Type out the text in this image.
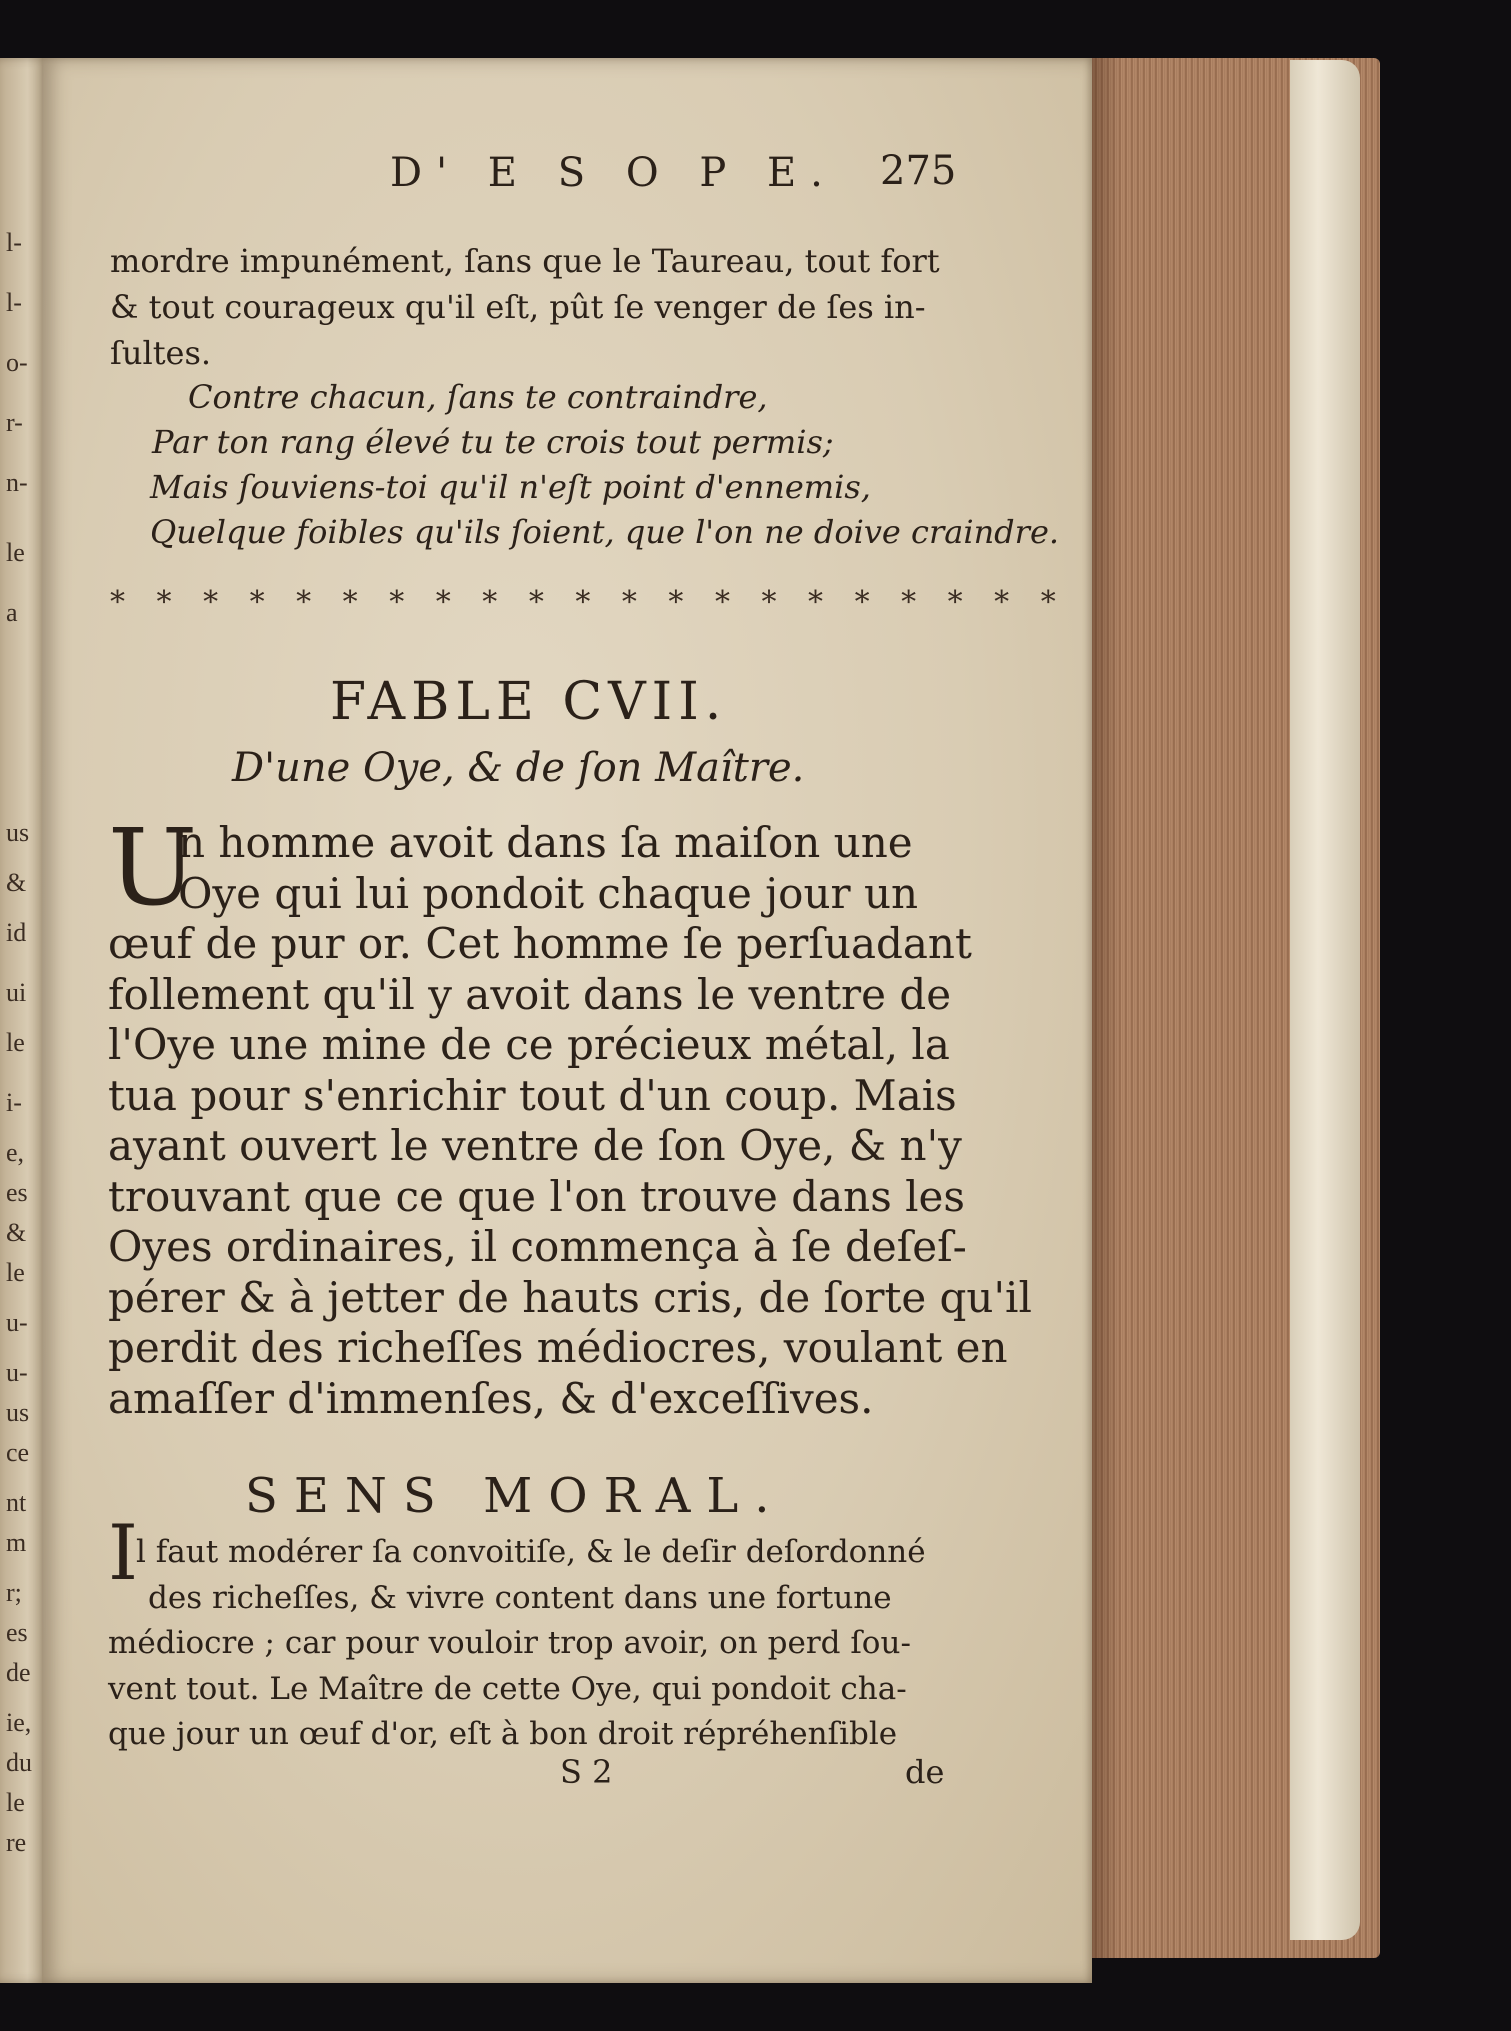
l-
l-
o-
r-
n-
le
a
us
&
id
ui
le
i-
e,
es
&
le
u-
u-
us
ce
nt
m
r;
es
de
ie,
du
le
re
D' E S O P E. 275
mordre impunément, ſans que le Taureau, tout fort
& tout courageux qu'il eſt, pût ſe venger de ſes in-
ſultes.
Contre chacun, ſans te contraindre,
Par ton rang élevé tu te crois tout permis;
Mais ſouviens-toi qu'il n'eſt point d'ennemis,
Quelque foibles qu'ils ſoient, que l'on ne doive craindre.
* * * * * * * * * * * * * * * * * * * * *
FABLE CVII.
D'une Oye, & de ſon Maître.
U
n homme avoit dans ſa maiſon une
Oye qui lui pondoit chaque jour un
œuf de pur or. Cet homme ſe perſuadant
follement qu'il y avoit dans le ventre de
l'Oye une mine de ce précieux métal, la
tua pour s'enrichir tout d'un coup. Mais
ayant ouvert le ventre de ſon Oye, & n'y
trouvant que ce que l'on trouve dans les
Oyes ordinaires, il commença à ſe deſeſ-
pérer & à jetter de hauts cris, de ſorte qu'il
perdit des richeſſes médiocres, voulant en
amaſſer d'immenſes, & d'exceſſives.
SENS MORAL.
I
l faut modérer ſa convoitiſe, & le deſir deſordonné
des richeſſes, & vivre content dans une fortune
médiocre ; car pour vouloir trop avoir, on perd ſou-
vent tout. Le Maître de cette Oye, qui pondoit cha-
que jour un œuf d'or, eſt à bon droit répréhenſible
S 2	de
